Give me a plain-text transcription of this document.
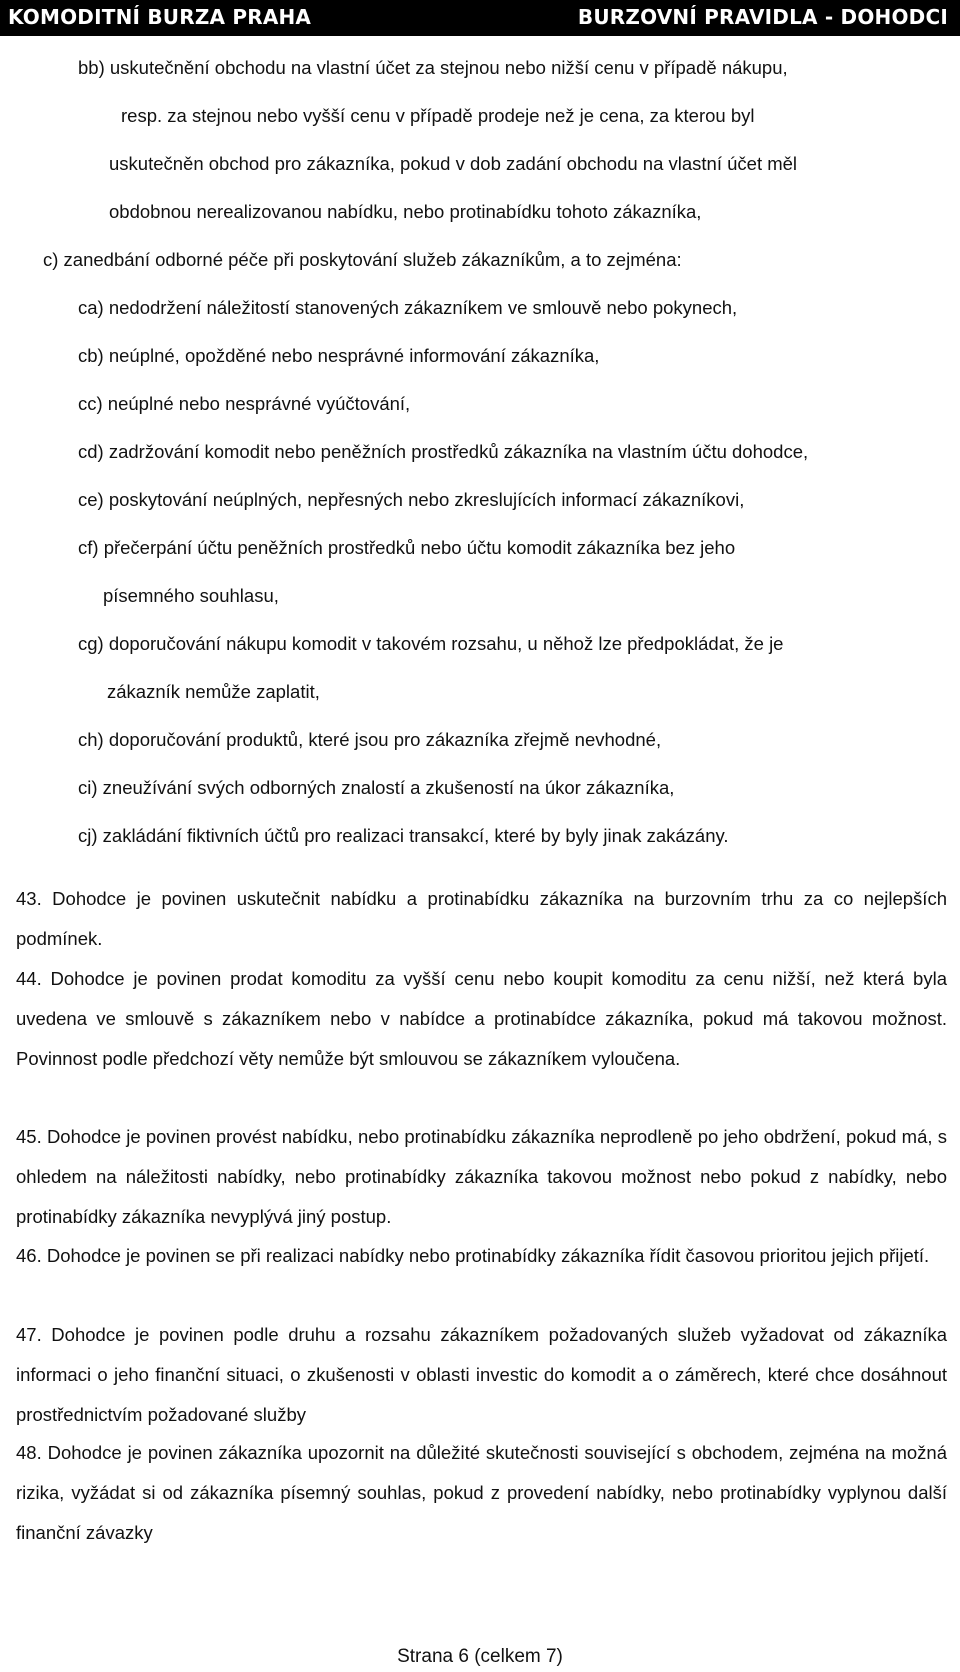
KOMODITNÍ BURZA PRAHA	BURZOVNÍ PRAVIDLA - DOHODCI
bb) uskutečnění obchodu na vlastní účet za stejnou nebo nižší cenu v případě nákupu,
resp. za stejnou nebo vyšší cenu v případě prodeje než je cena, za kterou byl
uskutečněn obchod pro zákazníka, pokud v dob zadání obchodu na vlastní účet měl
obdobnou nerealizovanou nabídku, nebo protinabídku tohoto zákazníka,
c) zanedbání odborné péče při poskytování služeb zákazníkům, a to zejména:
ca) nedodržení náležitostí stanovených zákazníkem ve smlouvě nebo pokynech,
cb) neúplné, opožděné nebo nesprávné informování zákazníka,
cc) neúplné nebo nesprávné vyúčtování,
cd) zadržování komodit nebo peněžních prostředků zákazníka na vlastním účtu dohodce,
ce) poskytování neúplných, nepřesných nebo zkreslujících informací zákazníkovi,
cf) přečerpání účtu peněžních prostředků nebo účtu komodit zákazníka bez jeho
písemného souhlasu,
cg) doporučování nákupu komodit v takovém rozsahu, u něhož lze předpokládat, že je
zákazník nemůže zaplatit,
ch) doporučování produktů, které jsou pro zákazníka zřejmě nevhodné,
ci) zneužívání svých odborných znalostí a zkušeností na úkor zákazníka,
cj) zakládání fiktivních účtů pro realizaci transakcí, které by byly jinak zakázány.
43. Dohodce je povinen uskutečnit nabídku a protinabídku zákazníka na burzovním trhu za co nejlepších podmínek.
44. Dohodce je povinen prodat komoditu za vyšší cenu nebo koupit komoditu za cenu nižší, než která byla uvedena ve smlouvě s zákazníkem nebo v nabídce a protinabídce zákazníka, pokud má takovou možnost. Povinnost podle předchozí věty nemůže být smlouvou se zákazníkem vyloučena.
45. Dohodce je povinen provést nabídku, nebo protinabídku zákazníka neprodleně po jeho obdržení, pokud má, s ohledem na náležitosti nabídky, nebo protinabídky zákazníka takovou možnost nebo pokud z nabídky, nebo protinabídky zákazníka nevyplývá jiný postup.
46. Dohodce je povinen se při realizaci nabídky nebo protinabídky zákazníka řídit časovou prioritou jejich přijetí.
47. Dohodce je povinen podle druhu a rozsahu zákazníkem požadovaných služeb vyžadovat od zákazníka informaci o jeho finanční situaci, o zkušenosti v oblasti investic do komodit a o záměrech, které chce dosáhnout prostřednictvím požadované služby
48. Dohodce je povinen zákazníka upozornit na důležité skutečnosti související s obchodem, zejména na možná rizika, vyžádat si od zákazníka písemný souhlas, pokud z provedení nabídky, nebo protinabídky vyplynou další finanční závazky
Strana 6 (celkem 7)
